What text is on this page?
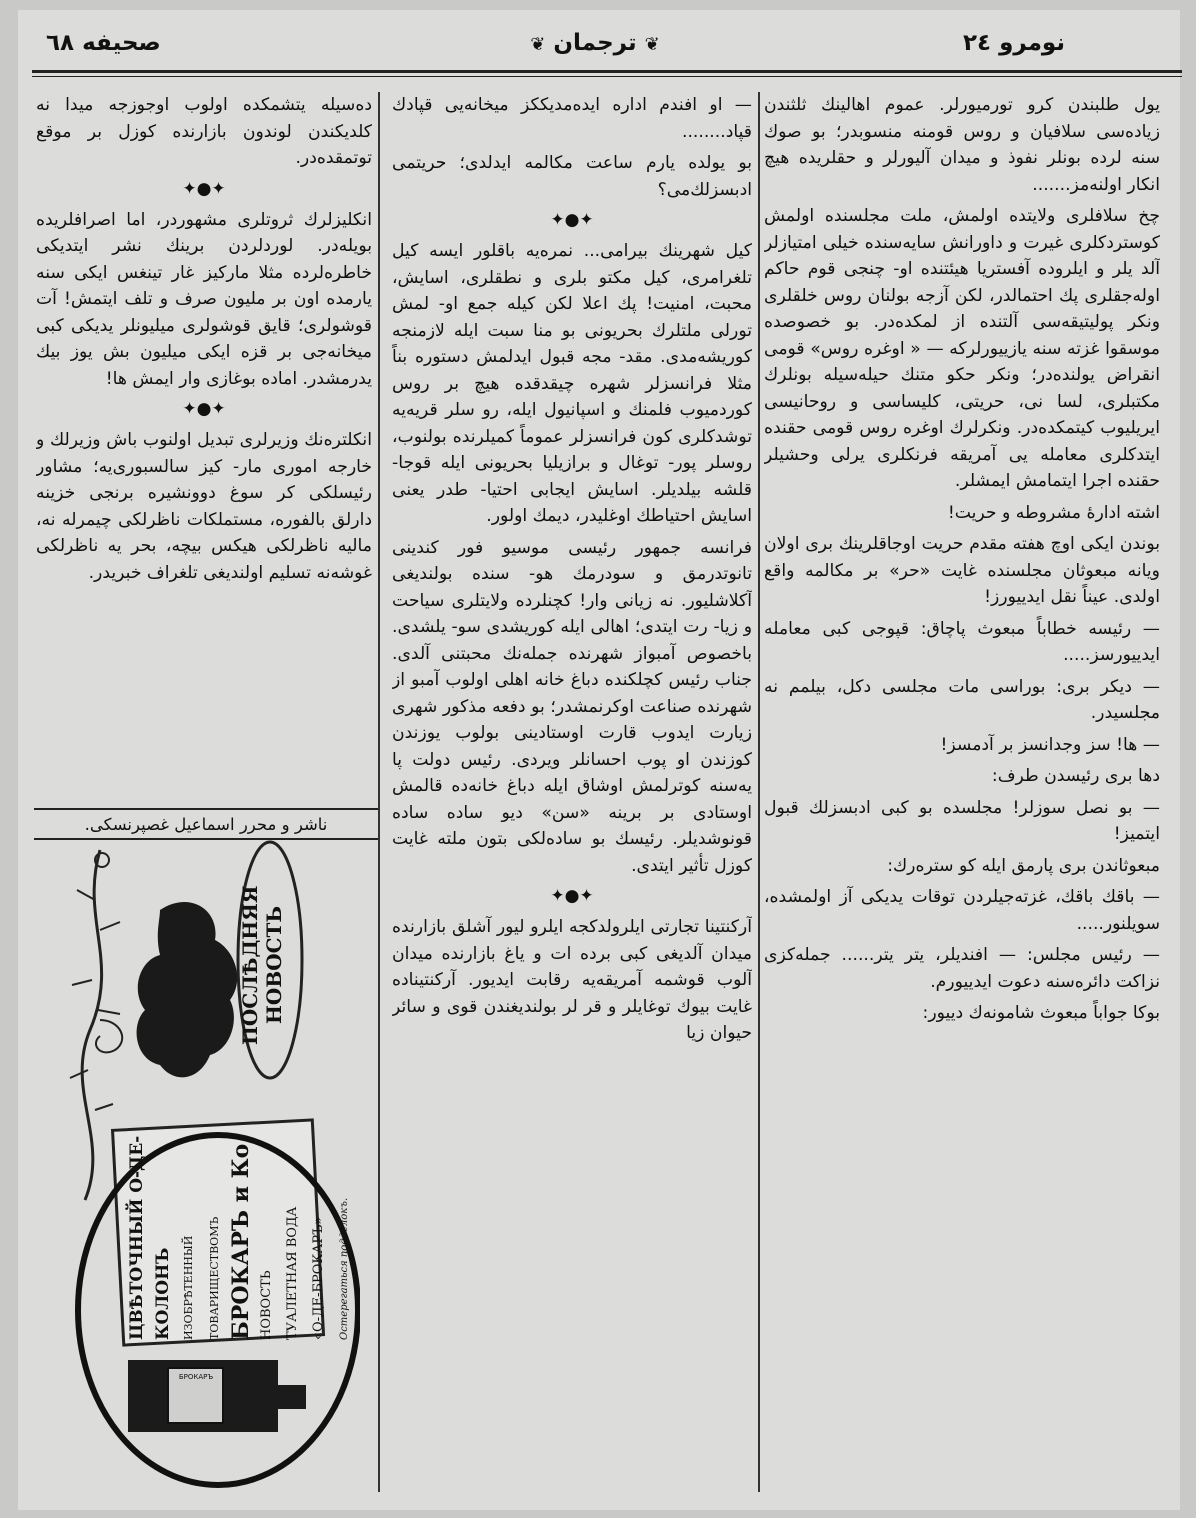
نومرو ٢٤
❦ ترجمان ❦
صحیفه ٦٨

یول طلبندن کرو تورمیورلر. عموم اهالینك ثلثندن زیاده‌سی سلافیان و روس قومنه منسوبدر؛ بو صوك سنه لرده بونلر نفوذ و میدان آلیورلر و حقلریده هیچ انکار اولنه‌مز.......

چخ سلافلری ولایتده اولمش، ملت مجلسنده اولمش کوستردکلری غیرت و داورانش سایه‌سنده خیلی امتیازلر آلد یلر و ایلروده آفستریا هیئتنده او- چنجی قوم حاکم اوله‌جقلری پك احتمالدر، لکن آزجه بولنان روس خلقلری ونکر پولیتیقه‌سی آلتنده از لمکده‌در. بو خصوصده موسقوا غزته سنه یازییورلرکه — « اوغره روس» قومی انقراض یولنده‌در؛ ونکر حکو متنك حیله‌سیله بونلرك مکتبلری، لسا نی، حریتی، کلیساسی و روحانیسی ایریلیوب کیتمکده‌در. ونکرلرك اوغره روس قومی حقنده ایتدکلری معامله یی آمریقه فرنکلری یرلی وحشیلر حقنده اجرا ایتمامش ایمشلر.

اشته ادارهٔ مشروطه و حریت!

بوندن ایکی اوچ هفته مقدم حریت اوجاقلرینك بری اولان ویانه مبعوثان مجلسنده غایت «حر» بر مکالمه واقع اولدی. عیناً نقل ایدییورز!

— رئیسه خطاباً مبعوث پاچاق: قپوجی کبی معامله ایدییورسز.....

— دیکر بری: بوراسی مات مجلسی دکل، بیلمم نه مجلسیدر.

— ها! سز وجدانسز بر آدمسز!

دها بری رئیسدن طرف:

— بو نصل سوزلر! مجلسده بو کبی ادبسزلك قبول ایتمیز!

مبعوثاندن بری پارمق ایله کو سترەرك:

— باقك باقك، غزته‌جیلردن توقات یدیکی آز اولمشده، سویلنور.....

— رئیس مجلس: — افندیلر، یتر یتر...... جمله‌کزی نزاکت دائره‌سنه دعوت ایدییورم.

بوکا جواباً مبعوث شامونەك دییور:

— او افندم اداره ایده‌مدیککز میخانه‌یی قپادك قپاد........

بو یولده یارم ساعت مکالمه ایدلدی؛ حریتمی ادبسزلك‌می؟

✦●✦

کیل شهرینك بیرامی... نمره‌یه باقلور ایسه کیل تلغرامری، کیل مکتو بلری و نطقلری، اسایش، محبت، امنیت! پك اعلا لکن کیله جمع او- لمش تورلی ملتلرك بحریونی بو منا سبت ایله لازمنجه کوریشه‌مدی. مقد- مجه قبول ایدلمش دستوره بناً مثلا فرانسزلر شهره چیقدقده هیچ بر روس کوردمیوب فلمنك و اسپانیول ایله، رو سلر قریه‌یه توشدکلری کون فرانسزلر عموماً کمیلرنده بولنوب، روسلر پور- توغال و برازیلیا بحریونی ایله قوجا- قلشه بیلدیلر. اسایش ایجابی احتیا- طدر یعنی اسایش احتیاطك اوغلیدر، دیمك اولور.

فرانسه جمهور رئیسی موسیو فور کندینی تانوتدرمق و سودرمك هو- سنده بولندیغی آکلاشلیور. نه زیانی وار! کچنلرده ولایتلری سیاحت و زیا- رت ایتدی؛ اهالی ایله کوریشدی سو- یلشدی. باخصوص آمبواز شهرنده جمله‌نك محبتنی آلدی. جناب رئیس کچلکنده دباغ خانه اهلی اولوب آمبو از شهرنده صناعت اوکرنمشدر؛ بو دفعه مذکور شهری زیارت ایدوب قارت اوستادینی بولوب یوزندن کوزندن او پوب احسانلر ویردی. رئیس دولت پا یه‌سنه کوترلمش اوشاق ایله دباغ خانه‌ده قالمش اوستادی بر برینه «سن» دیو ساده ساده قونوشدیلر. رئیسك بو ساده‌لکی بتون ملته غایت کوزل تأثیر ایتدی.

✦●✦

آرکنتینا تجارتی ایلرولدکجه ایلرو لیور آشلق بازارنده میدان آلدیغی کبی برده ات و یاغ بازارنده میدان آلوب قوشمه آمریقه‌یه رقابت ایدیور. آرکنتیناده غایت بیوك توغایلر و قر لر بولندیغندن قوی و سائر حیوان زیا

ده‌سیله یتشمکده اولوب اوجوزجه میدا نه کلدیکندن لوندون بازارنده کوزل بر موقع توتمقده‌در.

✦●✦

انکلیزلرك ثروتلری مشهوردر، اما اصرافلریده بویله‌در. لوردلردن برینك نشر ایتدیکی خاطره‌لرده مثلا مارکیز غار تینغس ایکی سنه یارمده اون بر ملیون صرف و تلف ایتمش! آت قوشولری؛ قایق قوشولری میلیونلر یدیکی کبی میخانه‌جی بر قزه ایکی میلیون بش یوز بیك یدرمشدر. اماده بوغازی وار ایمش ها!

✦●✦

انکلتره‌نك وزیرلری تبدیل اولنوب باش وزیرلك و خارجه اموری مار- کیز سالسبوری‌یه؛ مشاور رئیسلکی کر سوغ دوونشیره برنجی خزینه دارلق بالفوره، مستملکات ناظرلکی چیمرله نه، مالیه ناظرلکی هیکس بیچه، بحر یه ناظرلکی غوشه‌نه تسلیم اولندیغی تلغراف خبریدر.

ناشر و محرر اسماعیل غصپرنسکی.
ПОСЛѢДНЯЯ НОВОСТЬ
ЦВѢТОЧНЫЙ О-ДЕ-КОЛОНЪ ИЗОБРѢТЕННЫЙ	ТОВАРИЩЕСТВОМЪ БРОКАРЪ и Ко НОВОСТЬ ТУАЛЕТНАЯ ВОДА «О-ДЕ-БРОКАРЪ»	Остерегаться подделокъ.
БРОКАРЪ
